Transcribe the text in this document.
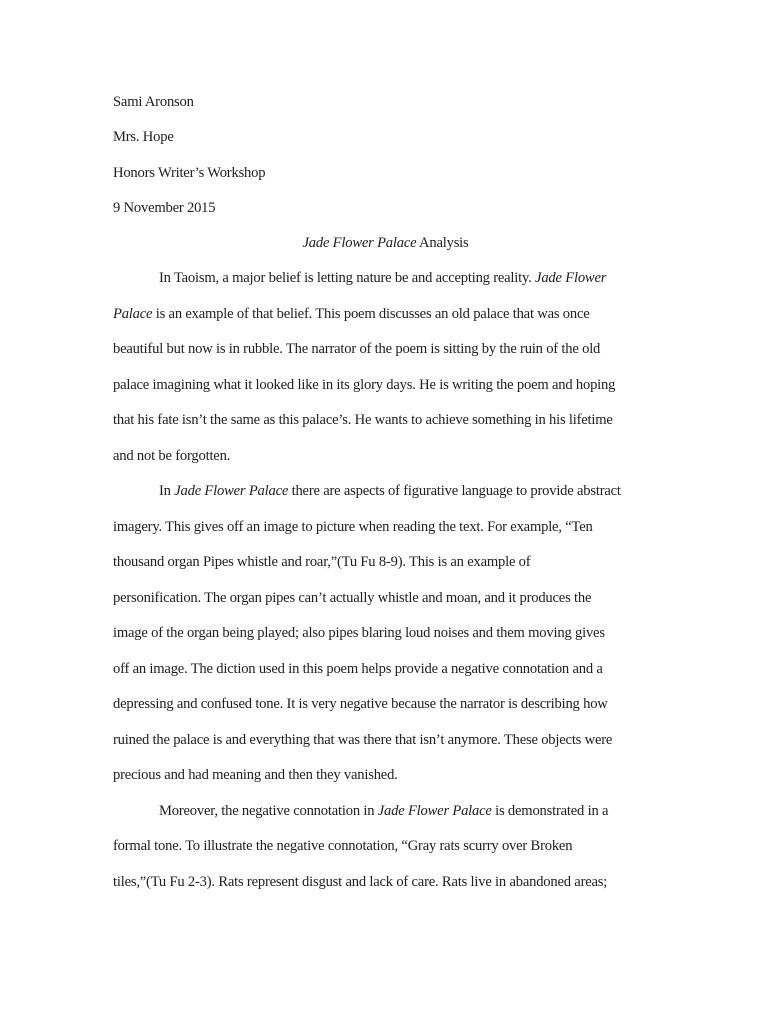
Sami Aronson

Mrs. Hope

Honors Writer’s Workshop

9 November 2015

Jade Flower Palace Analysis

In Taoism, a major belief is letting nature be and accepting reality. Jade Flower

Palace is an example of that belief. This poem discusses an old palace that was once

beautiful but now is in rubble. The narrator of the poem is sitting by the ruin of the old

palace imagining what it looked like in its glory days. He is writing the poem and hoping

that his fate isn’t the same as this palace’s. He wants to achieve something in his lifetime

and not be forgotten.

In Jade Flower Palace there are aspects of figurative language to provide abstract

imagery. This gives off an image to picture when reading the text. For example, “Ten

thousand organ Pipes whistle and roar,”(Tu Fu 8-9). This is an example of

personification. The organ pipes can’t actually whistle and moan, and it produces the

image of the organ being played; also pipes blaring loud noises and them moving gives

off an image. The diction used in this poem helps provide a negative connotation and a

depressing and confused tone. It is very negative because the narrator is describing how

ruined the palace is and everything that was there that isn’t anymore. These objects were

precious and had meaning and then they vanished.

Moreover, the negative connotation in Jade Flower Palace is demonstrated in a

formal tone. To illustrate the negative connotation, “Gray rats scurry over Broken

tiles,”(Tu Fu 2-3). Rats represent disgust and lack of care. Rats live in abandoned areas;
